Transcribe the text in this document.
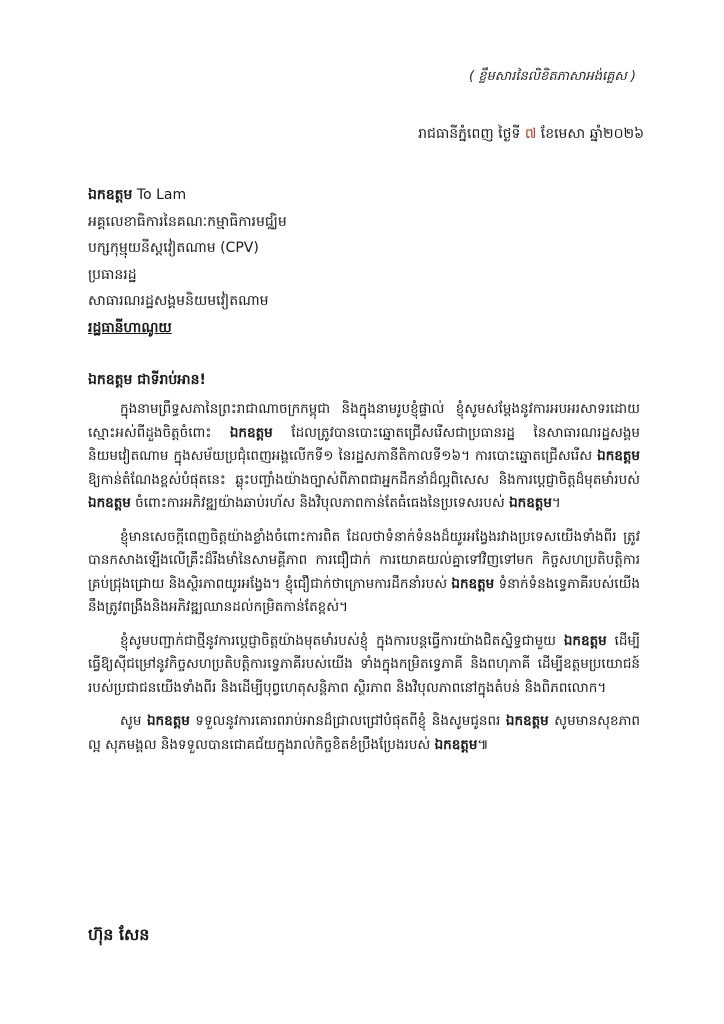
( ខ្លឹមសារនៃលិខិតភាសាអង់គ្លេស )
រាជធានីភ្នំពេញ ថ្ងៃទី ៧ ខែមេសា ឆ្នាំ២០២៦
ឯកឧត្តម To Lam
អគ្គលេខាធិការនៃគណៈកម្មាធិការមជ្ឈិម
បក្សកុម្មុយនីស្តវៀតណាម (CPV)
ប្រធានរដ្ឋ
សាធារណរដ្ឋសង្គមនិយមវៀតណាម
រដ្ឋធានីហាណូយ
ឯកឧត្តម ជាទីរាប់អាន!

ក្នុងនាមព្រឹទ្ធសភានៃព្រះរាជាណាចក្រកម្ពុជា និងក្នុងនាមរូបខ្ញុំផ្ទាល់ ខ្ញុំសូមសម្តែងនូវការអបអរសាទរដោយស្មោះអស់ពីដួងចិត្តចំពោះ ឯកឧត្តម ដែលត្រូវបានបោះឆ្នោតជ្រើសរើសជាប្រធានរដ្ឋ នៃសាធារណរដ្ឋសង្គមនិយមវៀតណាម ក្នុងសម័យប្រជុំពេញអង្គលើកទី១ នៃរដ្ឋសភានីតិកាលទី១៦។ ការបោះឆ្នោតជ្រើសរើស ឯកឧត្តម ឱ្យកាន់តំណែងខ្ពស់បំផុតនេះ ឆ្លុះបញ្ចាំងយ៉ាងច្បាស់ពីភាពជាអ្នកដឹកនាំដ៏ល្អពិសេស និងការប្តេជ្ញាចិត្តដ៏មុតមាំរបស់ ឯកឧត្តម ចំពោះការអភិវឌ្ឍយ៉ាងឆាប់រហ័ស និងវិបុលភាពកាន់តែធំធេងនៃប្រទេសរបស់ ឯកឧត្តម។

ខ្ញុំមានសេចក្តីពេញចិត្តយ៉ាងខ្លាំងចំពោះការពិត ដែលថាទំនាក់ទំនងដ៏យូរអង្វែងរវាងប្រទេសយើងទាំងពីរ ត្រូវបានកសាងឡើងលើគ្រឹះដ៏រឹងមាំនៃសាមគ្គីភាព ការជឿជាក់ ការយោគយល់គ្នាទៅវិញទៅមក កិច្ចសហប្រតិបត្តិការគ្រប់ជ្រុងជ្រោយ និងស្ថិរភាពយូរអង្វែង។ ខ្ញុំជឿជាក់ថាក្រោមការដឹកនាំរបស់ ឯកឧត្តម ទំនាក់ទំនងទ្វេភាគីរបស់យើង នឹងត្រូវពង្រឹងនិងអភិវឌ្ឍឈានដល់កម្រិតកាន់តែខ្ពស់។

ខ្ញុំសូមបញ្ជាក់ជាថ្មីនូវការប្តេជ្ញាចិត្តយ៉ាងមុតមាំរបស់ខ្ញុំ ក្នុងការបន្តធ្វើការយ៉ាងជិតស្និទ្ធជាមួយ ឯកឧត្តម ដើម្បីធ្វើឱ្យស៊ីជម្រៅនូវកិច្ចសហប្រតិបត្តិការទ្វេភាគីរបស់យើង ទាំងក្នុងកម្រិតទ្វេភាគី និងពហុភាគី ដើម្បីឧត្តមប្រយោជន៍របស់ប្រជាជនយើងទាំងពីរ និងដើម្បីបុព្វហេតុសន្តិភាព ស្ថិរភាព និងវិបុលភាពនៅក្នុងតំបន់ និងពិភពលោក។

សូម ឯកឧត្តម ទទួលនូវការគោរពរាប់អានដ៏ជ្រាលជ្រៅបំផុតពីខ្ញុំ និងសូមជូនពរ ឯកឧត្តម សូមមានសុខភាពល្អ សុភមង្គល និងទទួលបានជោគជ័យក្នុងរាល់កិច្ចខិតខំប្រឹងប្រែងរបស់ ឯកឧត្តម៕

ហ៊ុន សែន
